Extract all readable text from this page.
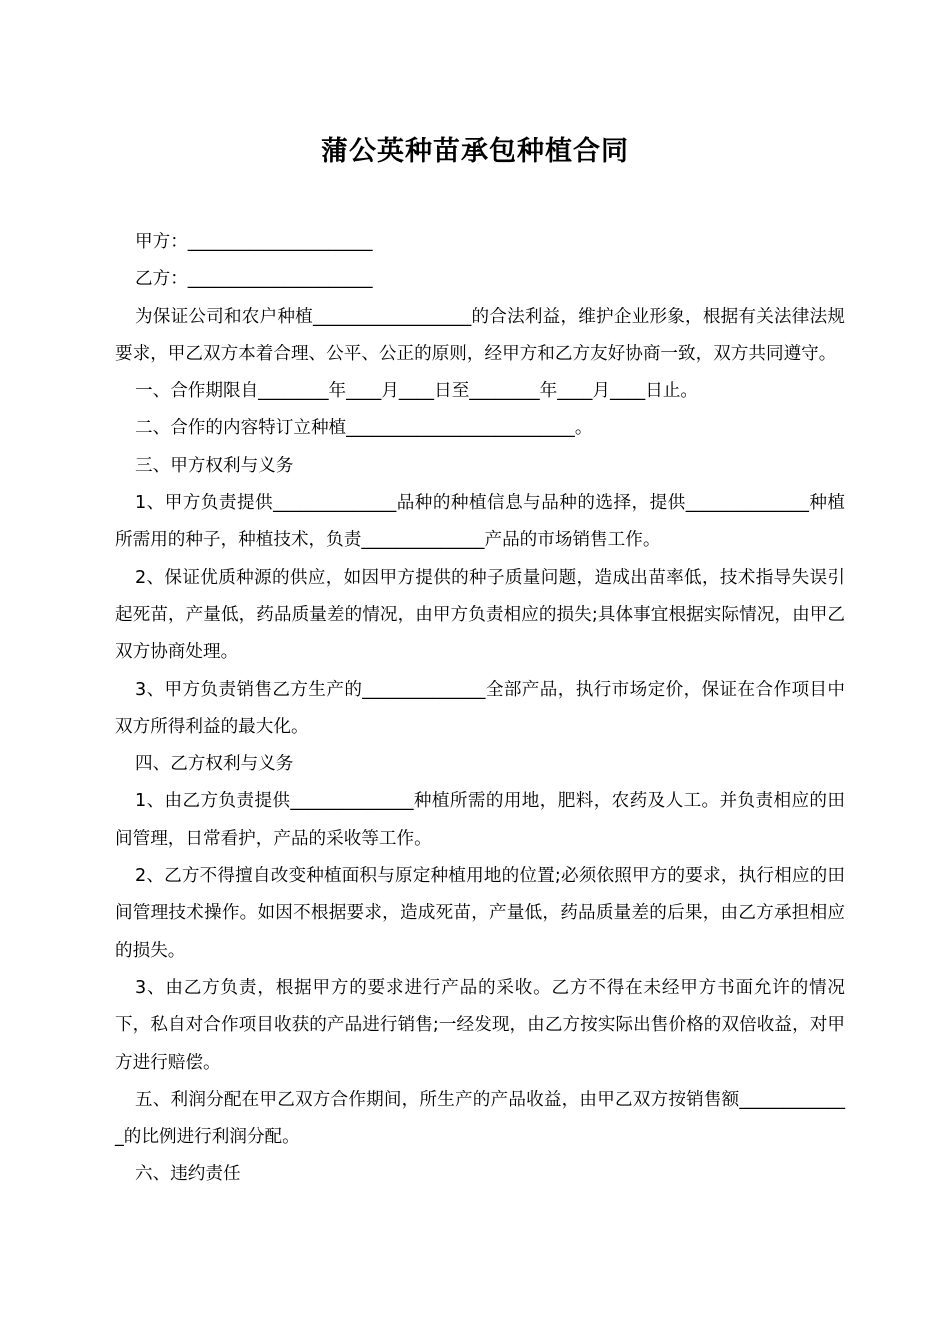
蒲公英种苗承包种植合同

甲方：_____________________

乙方：_____________________

为保证公司和农户种植__________________的合法利益，维护企业形象，根据有关法律法规要求，甲乙双方本着合理、公平、公正的原则，经甲方和乙方友好协商一致，双方共同遵守。

一、合作期限自________年____月____日至________年____月____日止。

二、合作的内容特订立种植__________________________。

三、甲方权利与义务

1、甲方负责提供______________品种的种植信息与品种的选择，提供______________种植所需用的种子，种植技术，负责______________产品的市场销售工作。

2、保证优质种源的供应，如因甲方提供的种子质量问题，造成出苗率低，技术指导失误引起死苗，产量低，药品质量差的情况，由甲方负责相应的损失;具体事宜根据实际情况，由甲乙双方协商处理。

3、甲方负责销售乙方生产的______________全部产品，执行市场定价，保证在合作项目中双方所得利益的最大化。

四、乙方权利与义务

1、由乙方负责提供______________种植所需的用地，肥料，农药及人工。并负责相应的田间管理，日常看护，产品的采收等工作。

2、乙方不得擅自改变种植面积与原定种植用地的位置;必须依照甲方的要求，执行相应的田间管理技术操作。如因不根据要求，造成死苗，产量低，药品质量差的后果，由乙方承担相应的损失。

3、由乙方负责，根据甲方的要求进行产品的采收。乙方不得在未经甲方书面允许的情况下，私自对合作项目收获的产品进行销售;一经发现，由乙方按实际出售价格的双倍收益，对甲方进行赔偿。

五、利润分配在甲乙双方合作期间，所生产的产品收益，由甲乙双方按销售额_____________的比例进行利润分配。

六、违约责任
